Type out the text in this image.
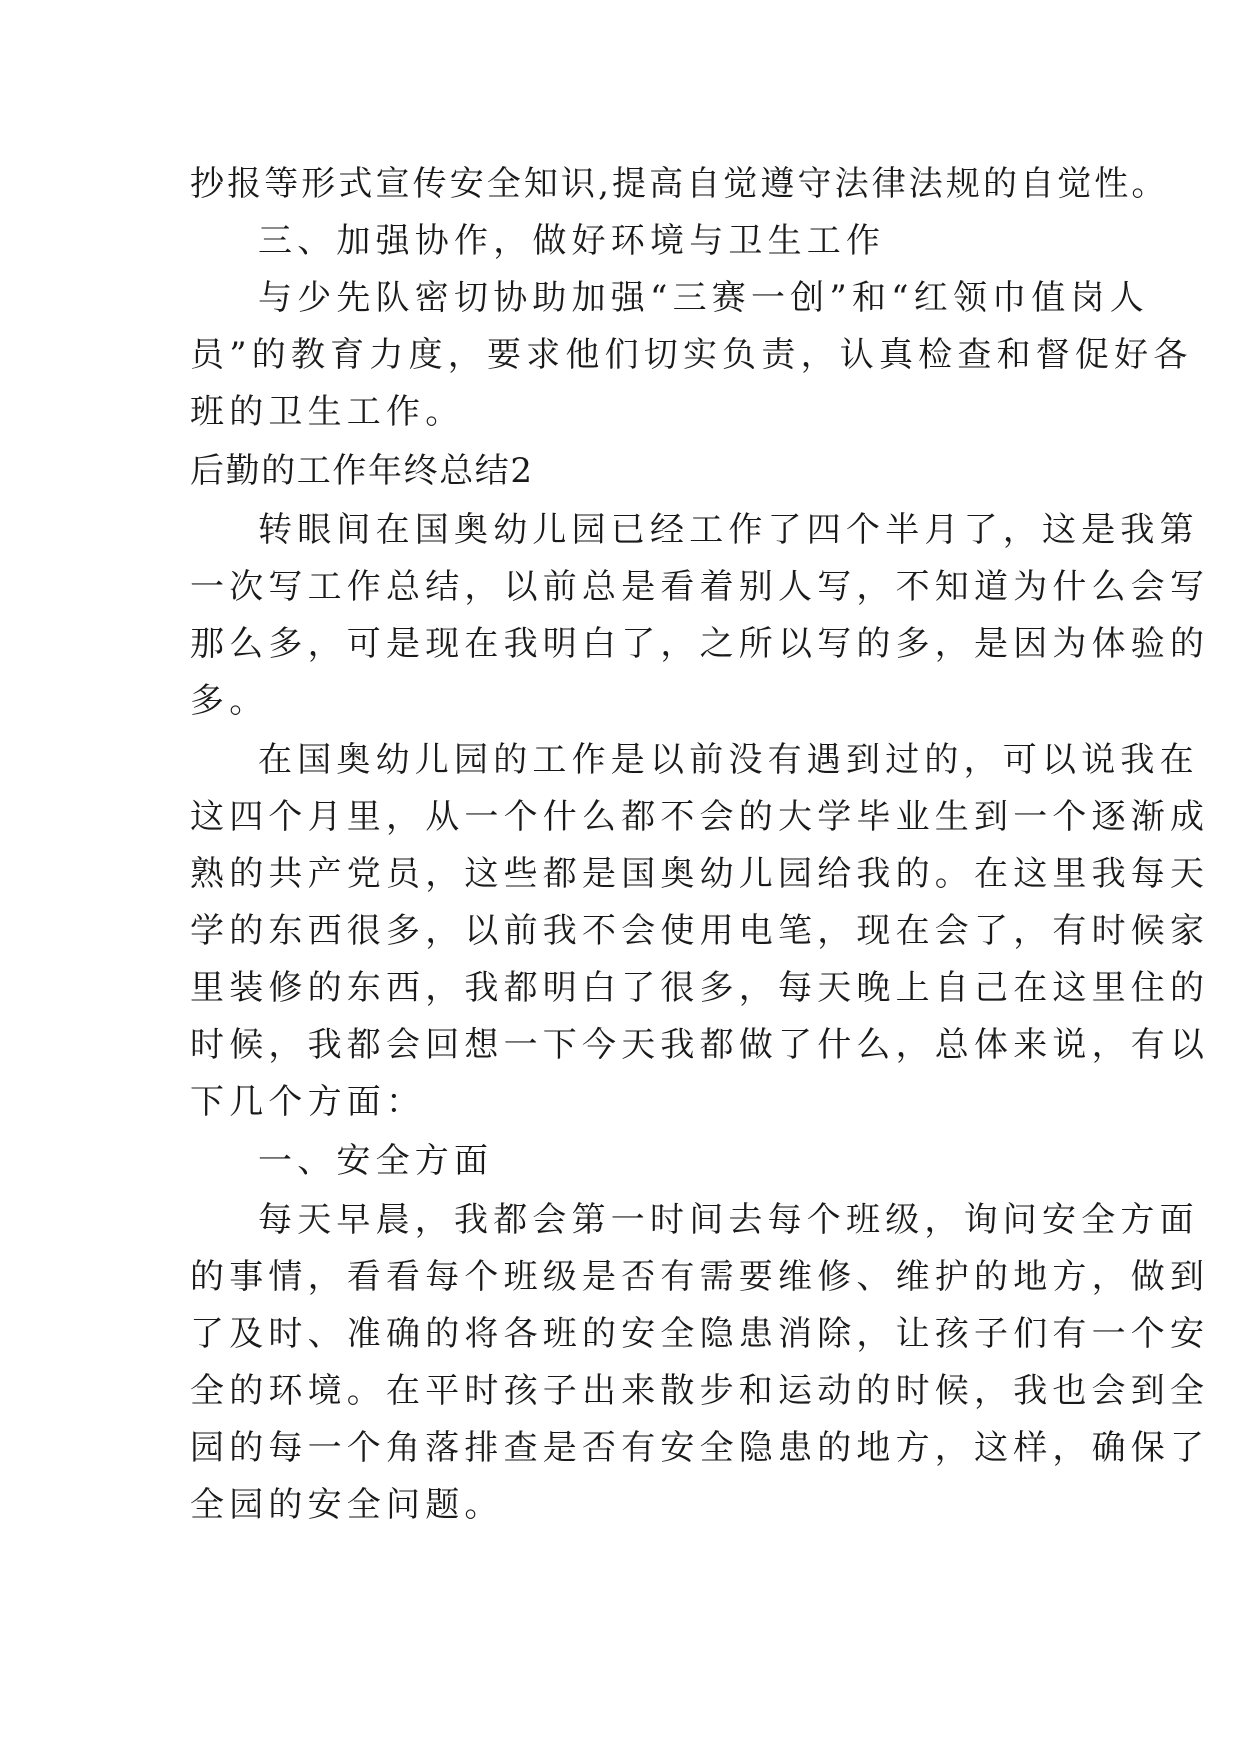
抄报等形式宣传安全知识,提高自觉遵守法律法规的自觉性。
三、加强协作，做好环境与卫生工作
与少先队密切协助加强“三赛一创”和“红领巾值岗人
员”的教育力度，要求他们切实负责，认真检查和督促好各
班的卫生工作。
后勤的工作年终总结2
转眼间在国奥幼儿园已经工作了四个半月了，这是我第
一次写工作总结，以前总是看着别人写，不知道为什么会写
那么多，可是现在我明白了，之所以写的多，是因为体验的
多。
在国奥幼儿园的工作是以前没有遇到过的，可以说我在
这四个月里，从一个什么都不会的大学毕业生到一个逐渐成
熟的共产党员，这些都是国奥幼儿园给我的。在这里我每天
学的东西很多，以前我不会使用电笔，现在会了，有时候家
里装修的东西，我都明白了很多，每天晚上自己在这里住的
时候，我都会回想一下今天我都做了什么，总体来说，有以
下几个方面：
一、安全方面
每天早晨，我都会第一时间去每个班级，询问安全方面
的事情，看看每个班级是否有需要维修、维护的地方，做到
了及时、准确的将各班的安全隐患消除，让孩子们有一个安
全的环境。在平时孩子出来散步和运动的时候，我也会到全
园的每一个角落排查是否有安全隐患的地方，这样，确保了
全园的安全问题。
